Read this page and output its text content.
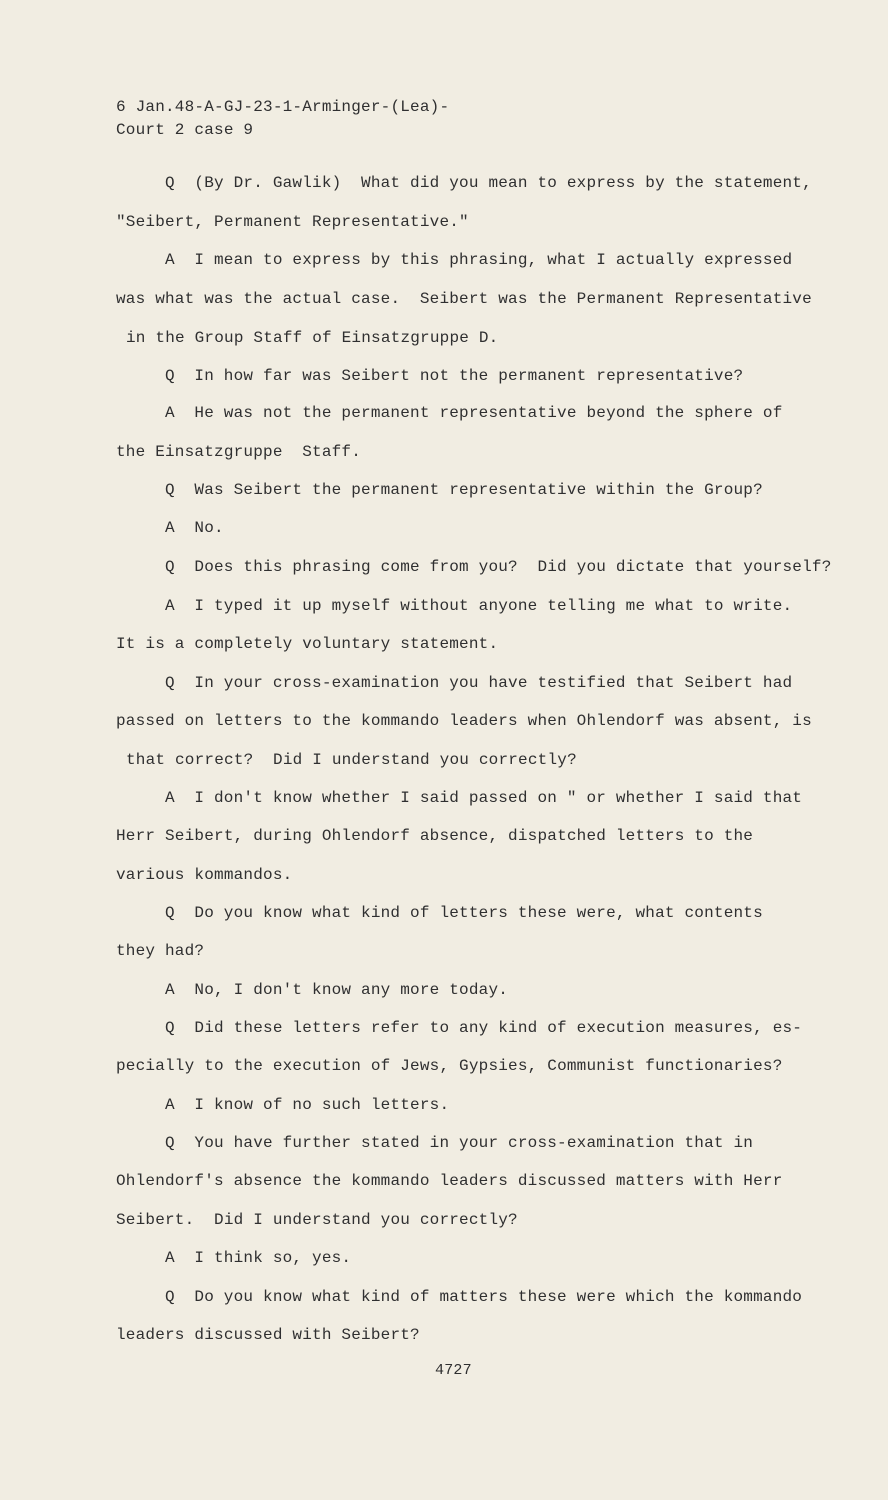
6 Jan.48-A-GJ-23-1-Arminger-(Lea)-
Court 2 case 9
Q  (By Dr. Gawlik)  What did you mean to express by the statement,
"Seibert, Permanent Representative."
A  I mean to express by this phrasing, what I actually expressed
was what was the actual case.  Seibert was the Permanent Representative
in the Group Staff of Einsatzgruppe D.
Q  In how far was Seibert not the permanent representative?
A  He was not the permanent representative beyond the sphere of
the Einsatzgruppe  Staff.
Q  Was Seibert the permanent representative within the Group?
A  No.
Q  Does this phrasing come from you?  Did you dictate that yourself?
A  I typed it up myself without anyone telling me what to write.
It is a completely voluntary statement.
Q  In your cross-examination you have testified that Seibert had
passed on letters to the kommando leaders when Ohlendorf was absent, is
that correct?  Did I understand you correctly?
A  I don't know whether I said passed on " or whether I said that
Herr Seibert, during Ohlendorf absence, dispatched letters to the
various kommandos.
Q  Do you know what kind of letters these were, what contents
they had?
A  No, I don't know any more today.
Q  Did these letters refer to any kind of execution measures, es-
pecially to the execution of Jews, Gypsies, Communist functionaries?
A  I know of no such letters.
Q  You have further stated in your cross-examination that in
Ohlendorf's absence the kommando leaders discussed matters with Herr
Seibert.  Did I understand you correctly?
A  I think so, yes.
Q  Do you know what kind of matters these were which the kommando
leaders discussed with Seibert?
4727
